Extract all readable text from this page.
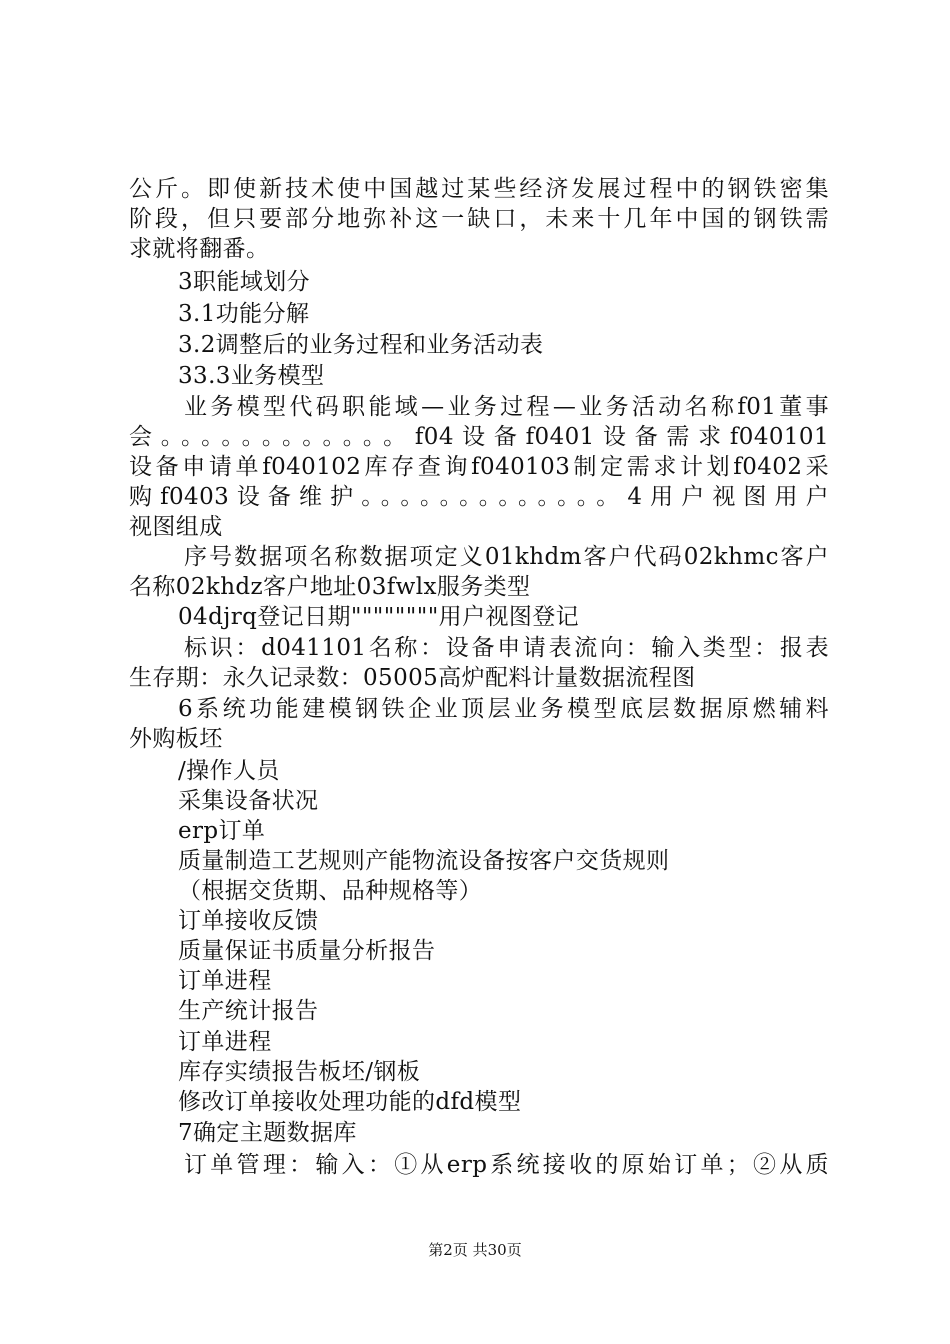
公斤。即使新技术使中国越过某些经济发展过程中的钢铁密集
阶段，但只要部分地弥补这一缺口，未来十几年中国的钢铁需
求就将翻番。
3职能域划分
3.1功能分解
3.2调整后的业务过程和业务活动表
33.3业务模型
业务模型代码职能域—业务过程—业务活动名称f01董事
会。。。。。。。。。。。。f04设备f0401设备需求f040101
设备申请单f040102库存查询f040103制定需求计划f0402采
购f0403设备维护。。。。。。。。。。。。。4用户视图用户
视图组成
序号数据项名称数据项定义01khdm客户代码02khmc客户
名称02khdz客户地址03fwlx服务类型
04djrq登记日期""""""""用户视图登记
标识：d041101名称：设备申请表流向：输入类型：报表
生存期：永久记录数：05005高炉配料计量数据流程图
6系统功能建模钢铁企业顶层业务模型底层数据原燃辅料
外购板坯
/操作人员
采集设备状况
erp订单
质量制造工艺规则产能物流设备按客户交货规则
（根据交货期、品种规格等）
订单接收反馈
质量保证书质量分析报告
订单进程
生产统计报告
订单进程
库存实绩报告板坯/钢板
修改订单接收处理功能的dfd模型
7确定主题数据库
订单管理：输入：①从erp系统接收的原始订单；②从质
第2页 共30页
